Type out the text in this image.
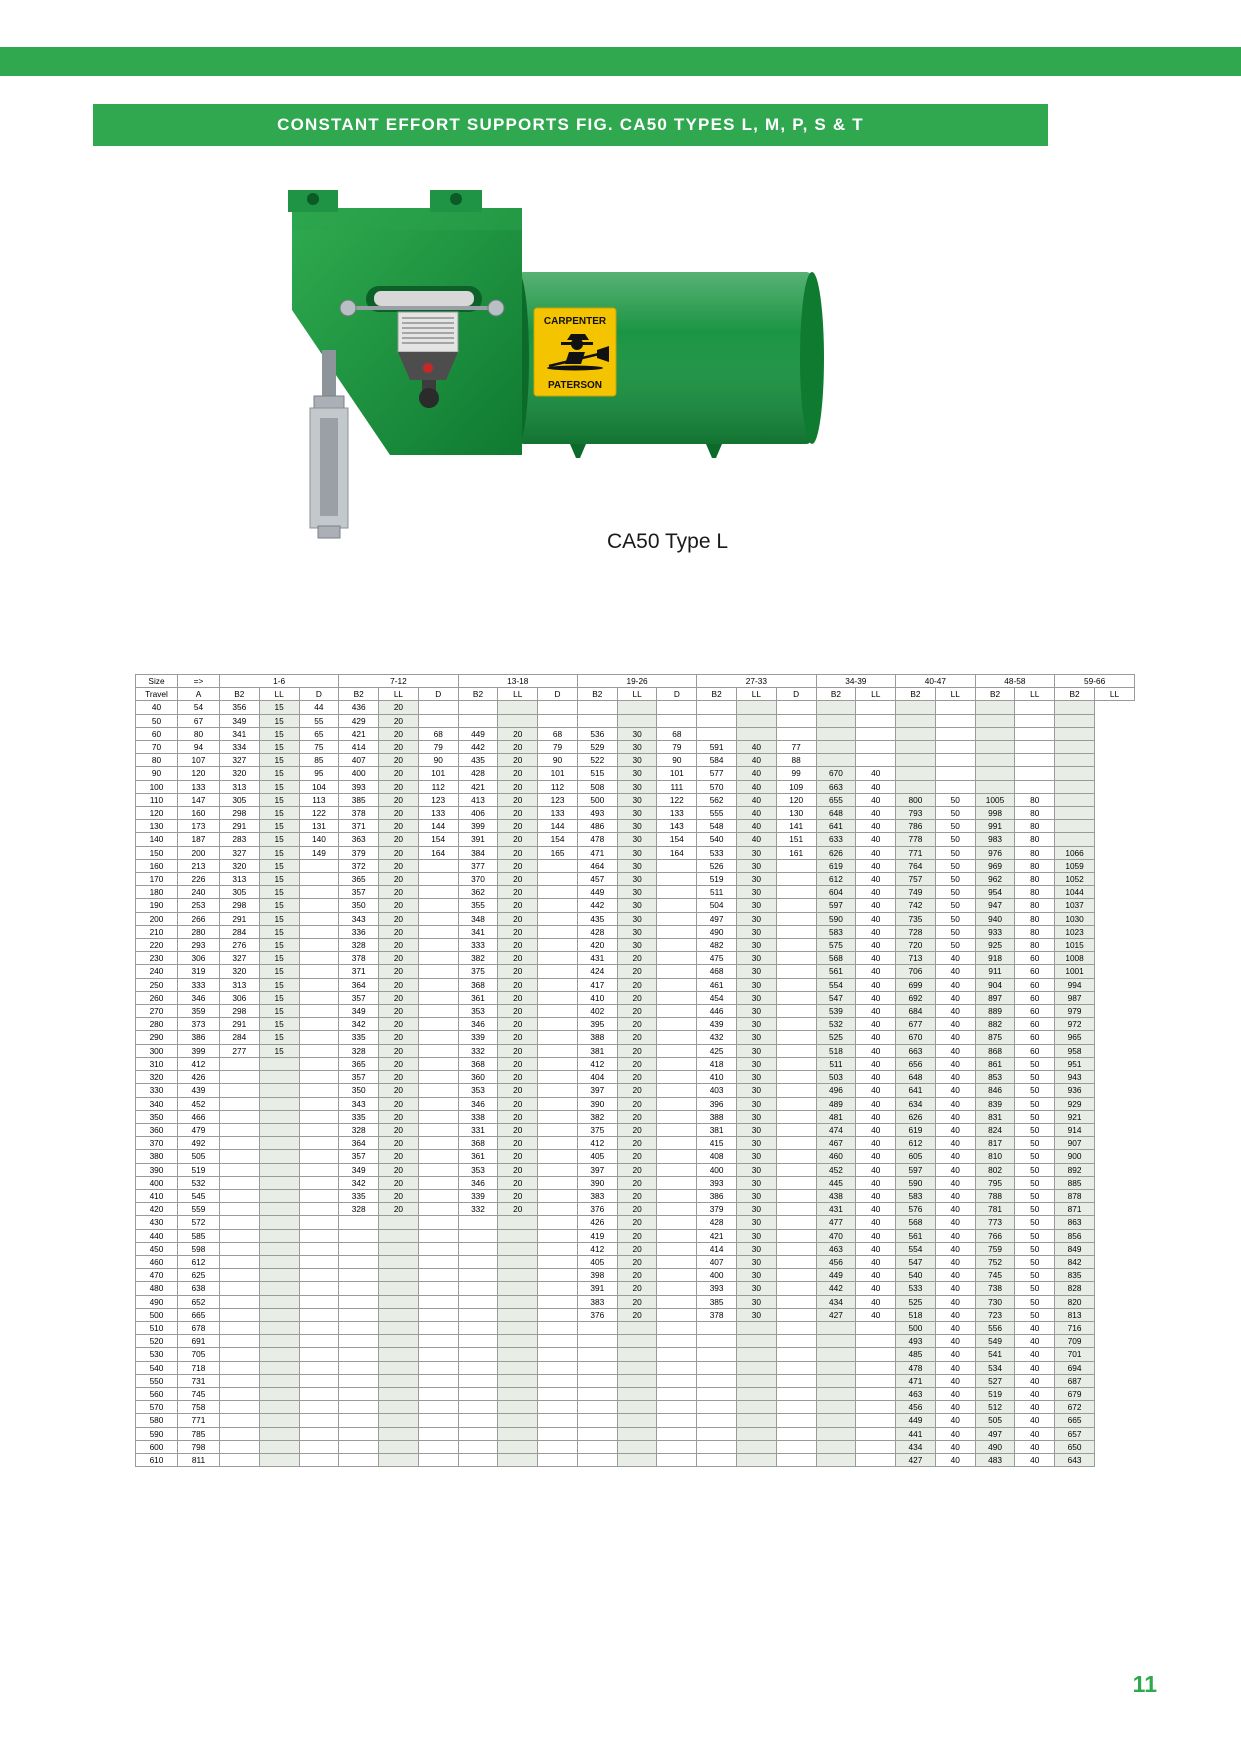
CONSTANT EFFORT SUPPORTS FIG. CA50 TYPES L, M, P, S & T
CARPENTER
PATERSON
CA50 Type L
Size	=>	1-6			7-12			13-18			19-26			27-33			34-39		40-47		48-58		59-66	
Travel	A	B2	LL	D	B2	LL	D	B2	LL	D	B2	LL	D	B2	LL	D	B2	LL	B2	LL	B2	LL	B2	LL
40	54	356	15	44	436	20																		
50	67	349	15	55	429	20																		
60	80	341	15	65	421	20	68	449	20	68	536	30	68											
70	94	334	15	75	414	20	79	442	20	79	529	30	79	591	40	77								
80	107	327	15	85	407	20	90	435	20	90	522	30	90	584	40	88								
90	120	320	15	95	400	20	101	428	20	101	515	30	101	577	40	99	670	40						
100	133	313	15	104	393	20	112	421	20	112	508	30	111	570	40	109	663	40						
110	147	305	15	113	385	20	123	413	20	123	500	30	122	562	40	120	655	40	800	50	1005	80		
120	160	298	15	122	378	20	133	406	20	133	493	30	133	555	40	130	648	40	793	50	998	80		
130	173	291	15	131	371	20	144	399	20	144	486	30	143	548	40	141	641	40	786	50	991	80		
140	187	283	15	140	363	20	154	391	20	154	478	30	154	540	40	151	633	40	778	50	983	80		
150	200	327	15	149	379	20	164	384	20	165	471	30	164	533	30	161	626	40	771	50	976	80	1066	
160	213	320	15		372	20		377	20		464	30		526	30		619	40	764	50	969	80	1059	
170	226	313	15		365	20		370	20		457	30		519	30		612	40	757	50	962	80	1052	
180	240	305	15		357	20		362	20		449	30		511	30		604	40	749	50	954	80	1044	
190	253	298	15		350	20		355	20		442	30		504	30		597	40	742	50	947	80	1037	
200	266	291	15		343	20		348	20		435	30		497	30		590	40	735	50	940	80	1030	
210	280	284	15		336	20		341	20		428	30		490	30		583	40	728	50	933	80	1023	
220	293	276	15		328	20		333	20		420	30		482	30		575	40	720	50	925	80	1015	
230	306	327	15		378	20		382	20		431	20		475	30		568	40	713	40	918	60	1008	
240	319	320	15		371	20		375	20		424	20		468	30		561	40	706	40	911	60	1001	
250	333	313	15		364	20		368	20		417	20		461	30		554	40	699	40	904	60	994	
260	346	306	15		357	20		361	20		410	20		454	30		547	40	692	40	897	60	987	
270	359	298	15		349	20		353	20		402	20		446	30		539	40	684	40	889	60	979	
280	373	291	15		342	20		346	20		395	20		439	30		532	40	677	40	882	60	972	
290	386	284	15		335	20		339	20		388	20		432	30		525	40	670	40	875	60	965	
300	399	277	15		328	20		332	20		381	20		425	30		518	40	663	40	868	60	958	
310	412				365	20		368	20		412	20		418	30		511	40	656	40	861	50	951	
320	426				357	20		360	20		404	20		410	30		503	40	648	40	853	50	943	
330	439				350	20		353	20		397	20		403	30		496	40	641	40	846	50	936	
340	452				343	20		346	20		390	20		396	30		489	40	634	40	839	50	929	
350	466				335	20		338	20		382	20		388	30		481	40	626	40	831	50	921	
360	479				328	20		331	20		375	20		381	30		474	40	619	40	824	50	914	
370	492				364	20		368	20		412	20		415	30		467	40	612	40	817	50	907	
380	505				357	20		361	20		405	20		408	30		460	40	605	40	810	50	900	
390	519				349	20		353	20		397	20		400	30		452	40	597	40	802	50	892	
400	532				342	20		346	20		390	20		393	30		445	40	590	40	795	50	885	
410	545				335	20		339	20		383	20		386	30		438	40	583	40	788	50	878	
420	559				328	20		332	20		376	20		379	30		431	40	576	40	781	50	871	
430	572										426	20		428	30		477	40	568	40	773	50	863	
440	585										419	20		421	30		470	40	561	40	766	50	856	
450	598										412	20		414	30		463	40	554	40	759	50	849	
460	612										405	20		407	30		456	40	547	40	752	50	842	
470	625										398	20		400	30		449	40	540	40	745	50	835	
480	638										391	20		393	30		442	40	533	40	738	50	828	
490	652										383	20		385	30		434	40	525	40	730	50	820	
500	665										376	20		378	30		427	40	518	40	723	50	813	
510	678																		500	40	556	40	716	
520	691																		493	40	549	40	709	
530	705																		485	40	541	40	701	
540	718																		478	40	534	40	694	
550	731																		471	40	527	40	687	
560	745																		463	40	519	40	679	
570	758																		456	40	512	40	672	
580	771																		449	40	505	40	665	
590	785																		441	40	497	40	657	
600	798																		434	40	490	40	650	
610	811																		427	40	483	40	643	
11
